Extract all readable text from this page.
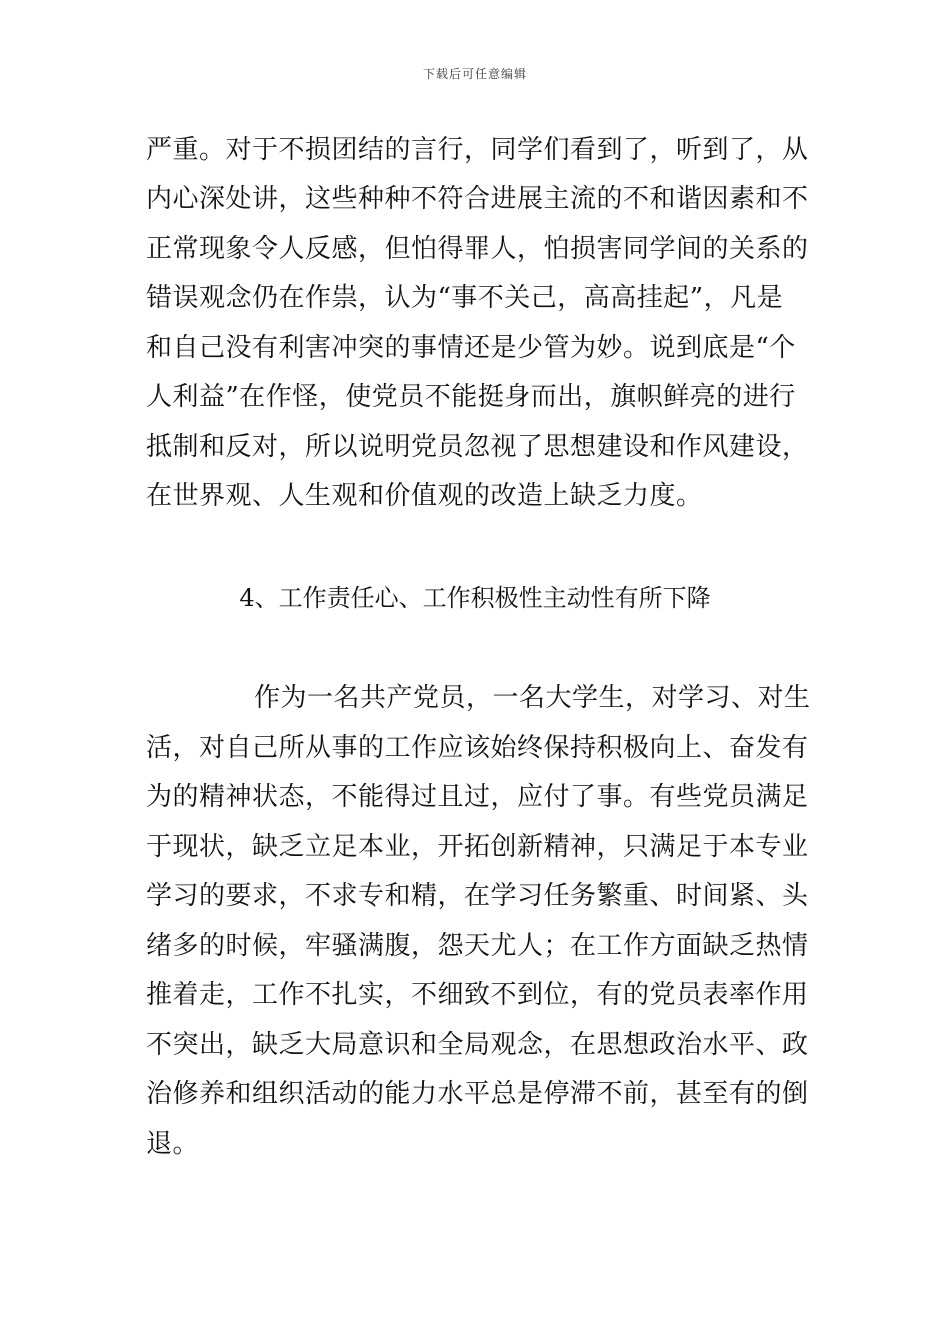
下载后可任意编辑
严重。对于不损团结的言行，同学们看到了，听到了，从
内心深处讲，这些种种不符合进展主流的不和谐因素和不
正常现象令人反感，但怕得罪人，怕损害同学间的关系的
错误观念仍在作祟，认为“事不关己，高高挂起”，凡是
和自己没有利害冲突的事情还是少管为妙。说到底是“个
人利益”在作怪，使党员不能挺身而出，旗帜鲜亮的进行
抵制和反对，所以说明党员忽视了思想建设和作风建设，
在世界观、人生观和价值观的改造上缺乏力度。
4、工作责任心、工作积极性主动性有所下降
作为一名共产党员，一名大学生，对学习、对生
活，对自己所从事的工作应该始终保持积极向上、奋发有
为的精神状态，不能得过且过，应付了事。有些党员满足
于现状，缺乏立足本业，开拓创新精神，只满足于本专业
学习的要求，不求专和精，在学习任务繁重、时间紧、头
绪多的时候，牢骚满腹，怨天尤人；在工作方面缺乏热情
推着走，工作不扎实，不细致不到位，有的党员表率作用
不突出，缺乏大局意识和全局观念，在思想政治水平、政
治修养和组织活动的能力水平总是停滞不前，甚至有的倒
退。
